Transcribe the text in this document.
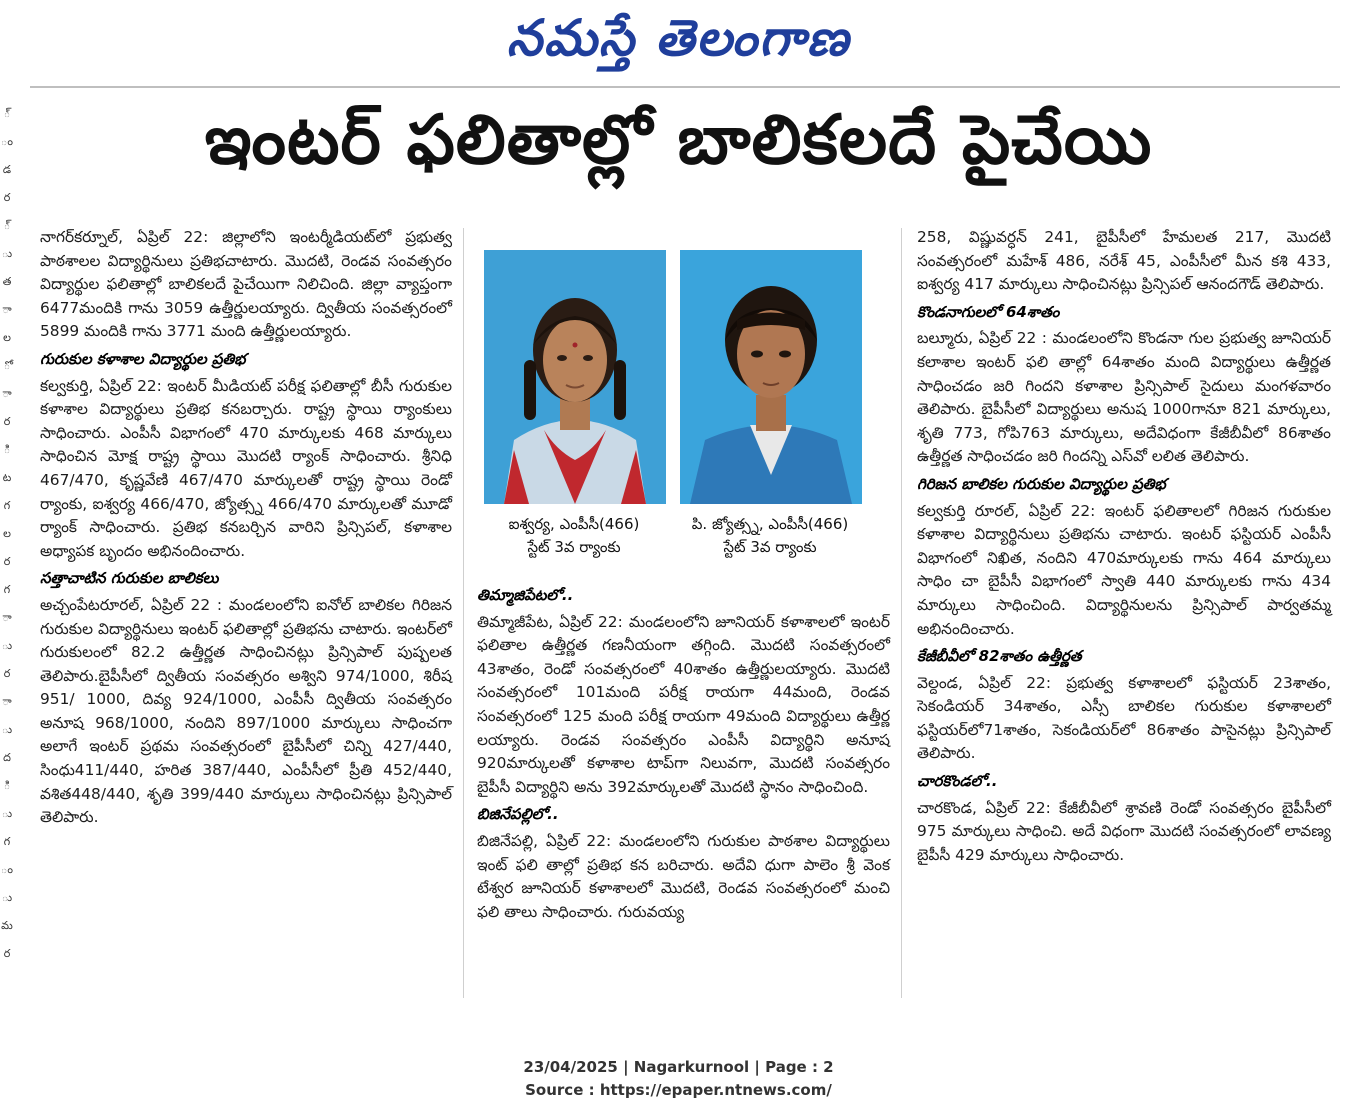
నమస్తే తెలంగాణ
్
ం
డ
ర
్
ు
త
ా
ల
ో
ా
ర
ి
ట
గ
ల
ర
గ
ా
ు
ర
ా
ు
ద
ి
ు
గ
ం
ు
మ
ర
ఇంటర్ ఫలితాల్లో బాలికలదే పైచేయి

నాగర్‌కర్నూల్, ఏప్రిల్ 22: జిల్లాలోని ఇంటర్మీడియట్‌లో ప్రభుత్వ పాఠశాలల విద్యార్థినులు ప్రతిభచాటారు. మొదటి, రెండవ సంవత్సరం విద్యార్థుల ఫలితాల్లో బాలికలదే పైచేయిగా నిలిచింది. జిల్లా వ్యాప్తంగా 6477మందికి గాను 3059 ఉత్తీర్ణులయ్యారు. ద్వితీయ సంవత్సరంలో 5899 మందికి గాను 3771 మంది ఉత్తీర్ణులయ్యారు.

గురుకుల కళాశాల విద్యార్థుల ప్రతిభ

కల్వకుర్తి, ఏప్రిల్ 22: ఇంటర్ మీడియట్ పరీక్ష ఫలితాల్లో బీసీ గురుకుల కళాశాల విద్యార్థులు ప్రతిభ కనబర్చారు. రాష్ట్ర స్థాయి ర్యాంకులు సాధించారు. ఎంపీసీ విభాగంలో 470 మార్కులకు 468 మార్కులు సాధించిన మోక్ష రాష్ట్ర స్థాయి మొదటి ర్యాంక్ సాధించారు. శ్రీనిధి 467/470, కృష్ణవేణి 467/470 మార్కులతో రాష్ట్ర స్థాయి రెండో ర్యాంకు, ఐశ్వర్య 466/470, జ్యోత్స్న 466/470 మార్కులతో మూడో ర్యాంక్ సాధించారు. ప్రతిభ కనబర్చిన వారిని ప్రిన్సిపల్, కళాశాల అధ్యాపక బృందం అభినందించారు.

సత్తాచాటిన గురుకుల బాలికలు

అచ్చంపేటరూరల్, ఏప్రిల్ 22 : మండలంలోని ఐనోల్ బాలికల గిరిజన గురుకుల విద్యార్థినులు ఇంటర్ ఫలితాల్లో ప్రతిభను చాటారు. ఇంటర్‌లో గురుకులంలో 82.2 ఉత్తీర్ణత సాధించినట్లు ప్రిన్సిపాల్ పుష్పలత తెలిపారు.బైపీసీలో ద్వితీయ సంవత్సరం అశ్విని 974/1000, శిరీష 951/ 1000, దివ్య 924/1000, ఎంపీసీ ద్వితీయ సంవత్సరం అనూష 968/1000, నందిని 897/1000 మార్కులు సాధించగా అలాగే ఇంటర్ ప్రథమ సంవత్సరంలో బైపీసీలో చిన్ని 427/440, సింధు411/440, హరిత 387/440, ఎంపీసీలో ప్రీతి 452/440, వశిత448/440, శృతి 399/440 మార్కులు సాధించినట్లు ప్రిన్సిపాల్ తెలిపారు.

ఐశ్వర్య, ఎంపీసీ(466)
స్టేట్ 3వ ర్యాంకు
పి. జ్యోత్స్న, ఎంపీసీ(466)
స్టేట్ 3వ ర్యాంకు

తిమ్మాజిపేటలో..

తిమ్మాజీపేట, ఏప్రిల్ 22: మండలంలోని జూనియర్ కళాశాలలో ఇంటర్ ఫలితాల ఉత్తీర్ణత గణనీయంగా తగ్గింది. మొదటి సంవత్సరంలో 43శాతం, రెండో సంవత్సరంలో 40శాతం ఉత్తీర్ణులయ్యారు. మొదటి సంవత్సరంలో 101మంది పరీక్ష రాయగా 44మంది, రెండవ సంవత్సరంలో 125 మంది పరీక్ష రాయగా 49మంది విద్యార్థులు ఉత్తీర్ణ లయ్యారు. రెండవ సంవత్సరం ఎంపీసీ విద్యార్థిని అనూష 920మార్కులతో కళాశాల టాప్‌గా నిలువగా, మొదటి సంవత్సరం బైపీసీ విద్యార్థిని అను 392మార్కులతో మొదటి స్థానం సాధించింది.

బిజినేపల్లిలో..

బిజినేపల్లి, ఏప్రిల్ 22: మండలంలోని గురుకుల పాఠశాల విద్యార్థులు ఇంట్ ఫలి తాల్లో ప్రతిభ కన బరిచారు. అదేవి ధుగా పాలెం శ్రీ వెంక టేశ్వర జూనియర్ కళాశాలలో మొదటి, రెండవ సంవత్సరంలో మంచి ఫలి తాలు సాధించారు. గురువయ్య

258, విష్ణువర్ధన్ 241, బైపీసీలో హేమలత 217, మొదటి సంవత్సరంలో మహేశ్ 486, నరేశ్ 45, ఎంపీసీలో మీన కశి 433, ఐశ్వర్య 417 మార్కులు సాధించినట్లు ప్రిన్సిపల్ ఆనందగౌడ్ తెలిపారు.

కొండనాగులలో 64శాతం

బల్మూరు, ఏప్రిల్ 22 : మండలంలోని కొండనా గుల ప్రభుత్వ జూనియర్ కలాశాల ఇంటర్ ఫలి తాల్లో 64శాతం మంది విద్యార్థులు ఉత్తీర్ణత సాధించడం జరి గిందని కళాశాల ప్రిన్సిపాల్ సైదులు మంగళవారం తెలిపారు. బైపీసీలో విద్యార్థులు అనుష 1000గానూ 821 మార్కులు, శృతి 773, గోపి763 మార్కులు, అదేవిధంగా కేజీబీవీలో 86శాతం ఉత్తీర్ణత సాధించడం జరి గిందన్ని ఎస్‌వో లలిత తెలిపారు.

గిరిజన బాలికల గురుకుల విద్యార్థుల ప్రతిభ

కల్వకుర్తి రూరల్, ఏప్రిల్ 22: ఇంటర్ ఫలితాలలో గిరిజన గురుకుల కళాశాల విద్యార్థినులు ప్రతిభను చాటారు. ఇంటర్ ఫస్టియర్ ఎంపీసీ విభాగంలో నిఖిత, నందిని 470మార్కులకు గాను 464 మార్కులు సాధిం చా బైపీసీ విభాగంలో స్వాతి 440 మార్కులకు గాను 434 మార్కులు సాధించింది. విద్యార్థినులను ప్రిన్సిపాల్ పార్వతమ్మ అభినందించారు.

కేజీబీవీలో 82శాతం ఉత్తీర్ణత

వెల్దండ, ఏప్రిల్ 22: ప్రభుత్వ కళాశాలలో ఫస్టియర్ 23శాతం, సెకండియర్ 34శాతం, ఎస్సీ బాలికల గురుకుల కళాశాలలో ఫస్టియర్‌లో71శాతం, సెకండియర్‌లో 86శాతం పాసైనట్లు ప్రిన్సిపాల్ తెలిపారు.

చారకొండలో..

చారకొండ, ఏప్రిల్ 22: కేజీబీవీలో శ్రావణి రెండో సంవత్సరం బైపీసీలో 975 మార్కులు సాధించి. అదే విధంగా మొదటి సంవత్సరంలో లావణ్య బైపీసీ 429 మార్కులు సాధించారు.

23/04/2025 | Nagarkurnool | Page : 2
Source : https://epaper.ntnews.com/
